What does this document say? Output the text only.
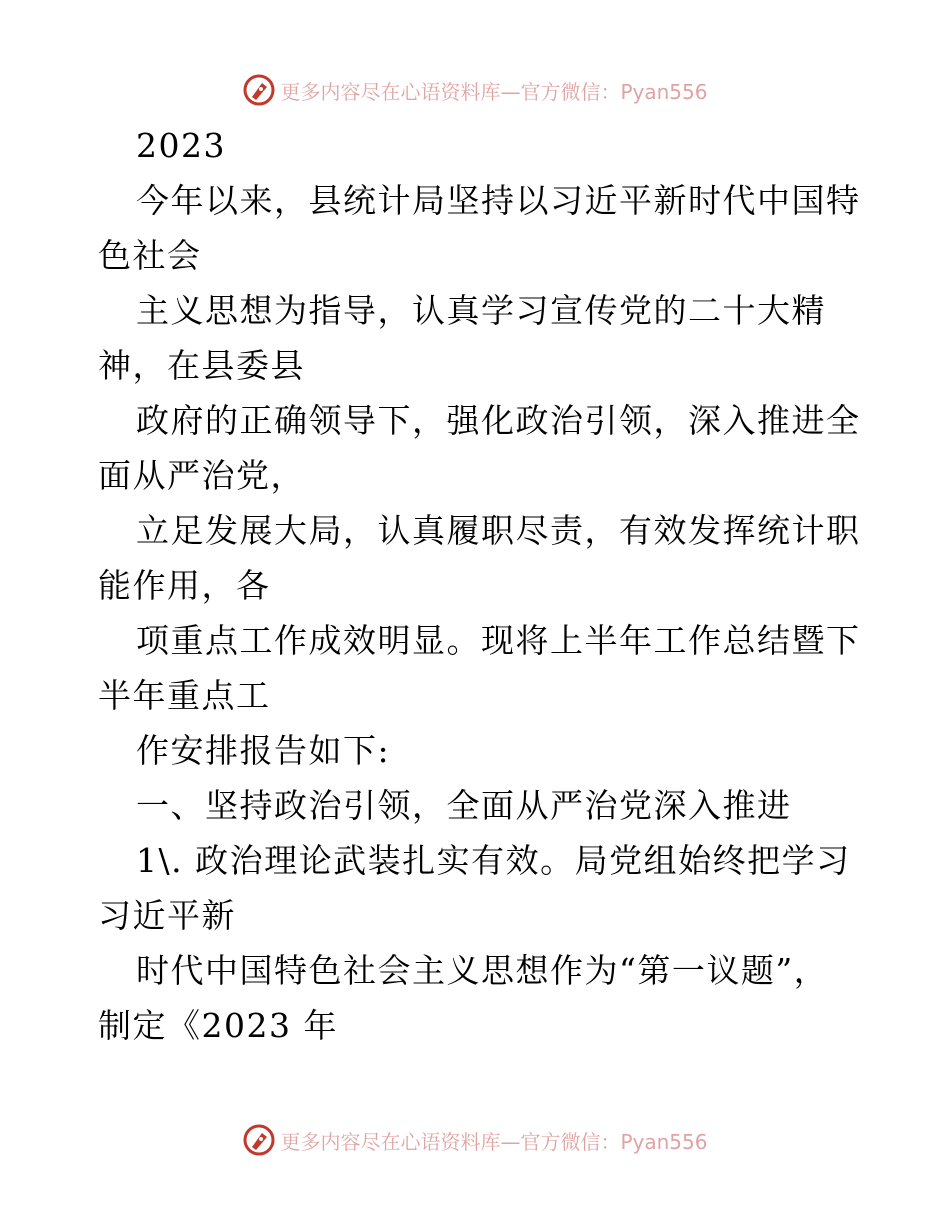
更多内容尽在心语资料库—官方微信：Pyan556
2023
今年以来，县统计局坚持以习近平新时代中国特
色社会
主义思想为指导，认真学习宣传党的二十大精
神，在县委县
政府的正确领导下，强化政治引领，深入推进全
面从严治党，
立足发展大局，认真履职尽责，有效发挥统计职
能作用，各
项重点工作成效明显。现将上半年工作总结暨下
半年重点工
作安排报告如下:
一、坚持政治引领，全面从严治党深入推进
1\. 政治理论武装扎实有效。局党组始终把学习
习近平新
时代中国特色社会主义思想作为“第一议题”，
制定《2023 年
更多内容尽在心语资料库—官方微信：Pyan556
